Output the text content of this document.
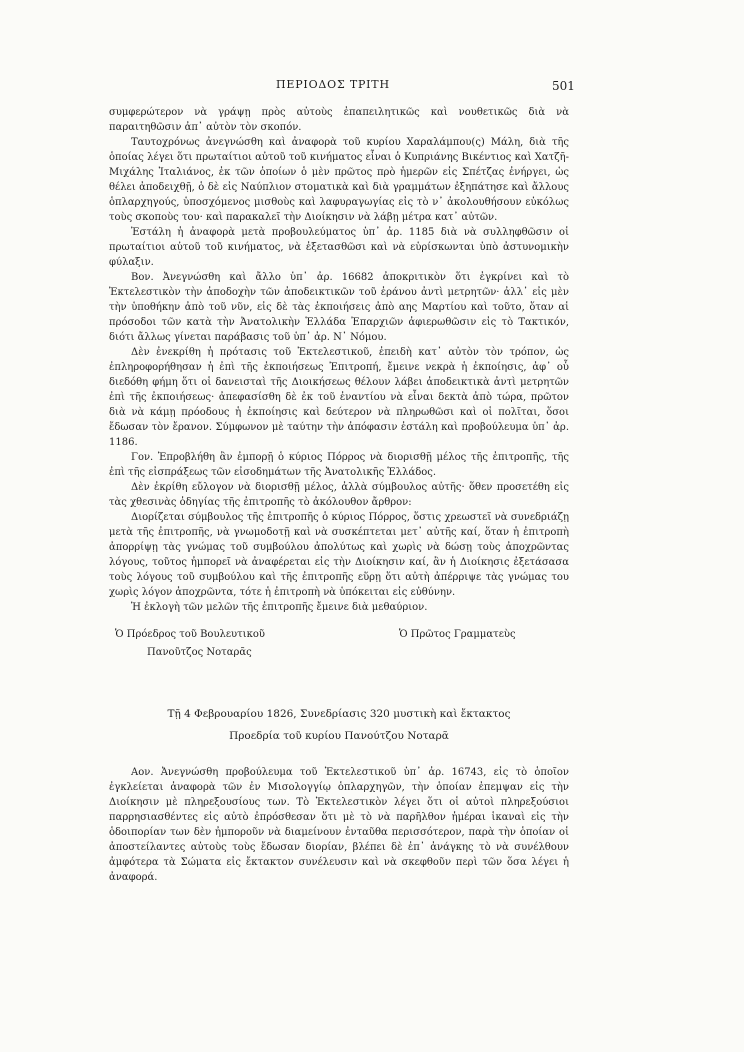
ΠΕΡΙΟΔΟΣ ΤΡΙΤΗ	501

συμφερώτερον νὰ γράψῃ πρὸς αὐτοὺς ἐπαπειλητικῶς καὶ νουθετικῶς διὰ νὰ παραιτηθῶσιν ἀπ᾽ αὐτὸν τὸν σκοπόν.

Ταυτοχρόνως ἀνεγνώσθη καὶ ἀναφορὰ τοῦ κυρίου Χαραλάμπου(ς) Μάλη, διὰ τῆς ὁποίας λέγει ὅτι πρωταίτιοι αὐτοῦ τοῦ κινήματος εἶναι ὁ Κυπριάνης Βικέντιος καὶ Χατζῆ-Μιχάλης Ἰταλιάνος, ἐκ τῶν ὁποίων ὁ μὲν πρῶτος πρὸ ἡμερῶν εἰς Σπέτζας ἐνήργει, ὡς θέλει ἀποδειχθῇ, ὁ δὲ εἰς Ναύπλιον στοματικὰ καὶ διὰ γραμμάτων ἐξηπάτησε καὶ ἄλλους ὁπλαρχηγούς, ὑποσχόμενος μισθοὺς καὶ λαφυραγωγίας εἰς τὸ ν᾽ ἀκολουθήσουν εὐκόλως τοὺς σκοποὺς του· καὶ παρακαλεῖ τὴν Διοίκησιν νὰ λάβῃ μέτρα κατ᾽ αὐτῶν.

Ἐστάλη ἡ ἀναφορὰ μετὰ προβουλεύματος ὑπ᾽ ἀρ. 1185 διὰ νὰ συλληφθῶσιν οἱ πρωταίτιοι αὐτοῦ τοῦ κινήματος, νὰ ἐξετασθῶσι καὶ νὰ εὑρίσκωνται ὑπὸ ἀστυνομικὴν φύλαξιν.

Βον. Ἀνεγνώσθη καὶ ἄλλο ὑπ᾽ ἀρ. 16682 ἀποκριτικὸν ὅτι ἐγκρίνει καὶ τὸ Ἐκτελεστικὸν τὴν ἀποδοχὴν τῶν ἀποδεικτικῶν τοῦ ἐράνου ἀντὶ μετρητῶν· ἀλλ᾽ εἰς μὲν τὴν ὑποθήκην ἀπὸ τοῦ νῦν, εἰς δὲ τὰς ἐκποιήσεις ἀπὸ αης Μαρτίου καὶ τοῦτο, ὅταν αἱ πρόσοδοι τῶν κατὰ τὴν Ἀνατολικὴν Ἑλλάδα Ἐπαρχιῶν ἀφιερωθῶσιν εἰς τὸ Τακτικόν, διότι ἄλλως γίνεται παράβασις τοῦ ὑπ᾽ ἀρ. Ν᾽ Νόμου.

Δὲν ἐνεκρίθη ἡ πρότασις τοῦ Ἐκτελεστικοῦ, ἐπειδὴ κατ᾽ αὐτὸν τὸν τρόπον, ὡς ἐπληροφορήθησαν ἡ ἐπὶ τῆς ἐκποιήσεως Ἐπιτροπή, ἔμεινε νεκρὰ ἡ ἐκποίησις, ἀφ᾽ οὗ διεδόθη φήμη ὅτι οἱ δανεισταὶ τῆς Διοικήσεως θέλουν λάβει ἀποδεικτικὰ ἀντὶ μετρητῶν ἐπὶ τῆς ἐκποιήσεως· ἀπεφασίσθη δὲ ἐκ τοῦ ἐναντίου νὰ εἶναι δεκτὰ ἀπὸ τώρα, πρῶτον διὰ νὰ κάμῃ πρόοδους ἡ ἐκποίησις καὶ δεύτερον νὰ πληρωθῶσι καὶ οἱ πολῖται, ὅσοι ἔδωσαν τὸν ἔρανον. Σύμφωνον μὲ ταύτην τὴν ἀπόφασιν ἐστάλη καὶ προβούλευμα ὑπ᾽ ἀρ. 1186.

Γον. Ἐπροβλήθη ἂν ἐμπορῇ ὁ κύριος Πόρρος νὰ διορισθῇ μέλος τῆς ἐπιτροπῆς, τῆς ἐπὶ τῆς εἰσπράξεως τῶν εἰσοδημάτων τῆς Ἀνατολικῆς Ἑλλάδος.

Δὲν ἐκρίθη εὔλογον νὰ διορισθῇ μέλος, ἀλλὰ σύμβουλος αὐτῆς· ὅθεν προσετέθη εἰς τὰς χθεσινὰς ὁδηγίας τῆς ἐπιτροπῆς τὸ ἀκόλουθον ἄρθρον:

Διορίζεται σύμβουλος τῆς ἐπιτροπῆς ὁ κύριος Πόρρος, ὅστις χρεωστεῖ νὰ συνεδριάζῃ μετὰ τῆς ἐπιτροπῆς, νὰ γνωμοδοτῇ καὶ νὰ συσκέπτεται μετ᾽ αὐτῆς καί, ὅταν ἡ ἐπιτροπὴ ἀπορρίψῃ τὰς γνώμας τοῦ συμβούλου ἀπολύτως καὶ χωρὶς νὰ δώσῃ τοὺς ἀποχρῶντας λόγους, τοῦτος ἠμπορεῖ νὰ ἀναφέρεται εἰς τὴν Διοίκησιν καί, ἂν ἡ Διοίκησις ἐξετάσασα τοὺς λόγους τοῦ συμβούλου καὶ τῆς ἐπιτροπῆς εὕρῃ ὅτι αὐτὴ ἀπέρριψε τὰς γνώμας του χωρὶς λόγον ἀποχρῶντα, τότε ἡ ἐπιτροπὴ νὰ ὑπόκειται εἰς εὐθύνην.

Ἡ ἐκλογὴ τῶν μελῶν τῆς ἐπιτροπῆς ἔμεινε διὰ μεθαύριον.

Ὁ Πρόεδρος τοῦ Βουλευτικοῦ
Πανοῦτζος Νοταρᾶς
Ὁ Πρῶτος Γραμματεὺς
Τῇ 4 Φεβρουαρίου 1826, Συνεδρίασις 320 μυστικὴ καὶ ἔκτακτος
Προεδρία τοῦ κυρίου Πανούτζου Νοταρᾶ

Αον. Ἀνεγνώσθη προβούλευμα τοῦ Ἐκτελεστικοῦ ὑπ᾽ ἀρ. 16743, εἰς τὸ ὁποῖον ἐγκλείεται ἀναφορὰ τῶν ἐν Μισολογγίῳ ὁπλαρχηγῶν, τὴν ὁποίαν ἐπεμψαν εἰς τὴν Διοίκησιν μὲ πληρεξουσίους των. Τὸ Ἐκτελεστικὸν λέγει ὅτι οἱ αὐτοὶ πληρεξούσιοι παρρησιασθέντες εἰς αὐτὸ ἐπρόσθεσαν ὅτι μὲ τὸ νὰ παρῆλθον ἡμέραι ἱκαναὶ εἰς τὴν ὁδοιπορίαν των δὲν ἠμποροῦν νὰ διαμείνουν ἐνταῦθα περισσότερον, παρὰ τὴν ὁποίαν οἱ ἀποστείλαντες αὐτοὺς τοὺς ἔδωσαν διορίαν, βλέπει δὲ ἐπ᾽ ἀνάγκης τὸ νὰ συνέλθουν ἀμφότερα τὰ Σώματα εἰς ἔκτακτον συνέλευσιν καὶ νὰ σκεφθοῦν περὶ τῶν ὅσα λέγει ἡ ἀναφορά.
